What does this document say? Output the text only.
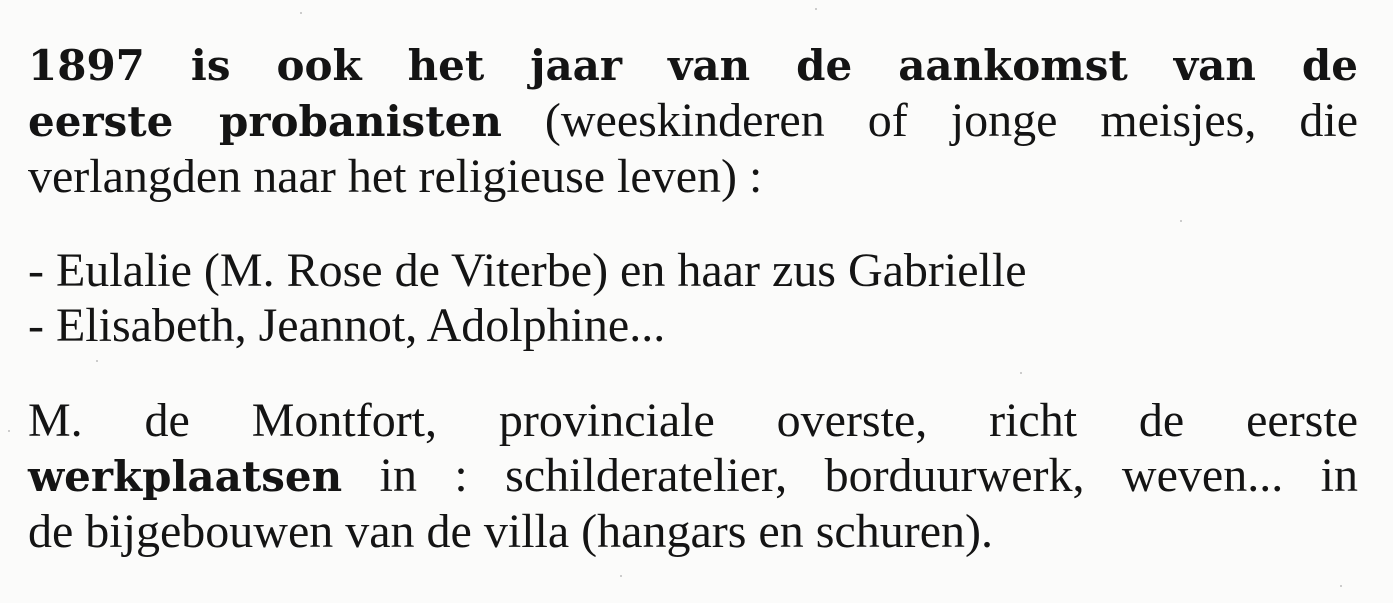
1897 is ook het jaar van de aankomst van de
eerste probanisten (weeskinderen of jonge meisjes, die
verlangden naar het religieuse leven) :
- Eulalie (M. Rose de Viterbe) en haar zus Gabrielle
- Elisabeth, Jeannot, Adolphine...
M. de Montfort, provinciale overste, richt de eerste
werkplaatsen in : schilderatelier, borduurwerk, weven... in
de bijgebouwen van de villa (hangars en schuren).
